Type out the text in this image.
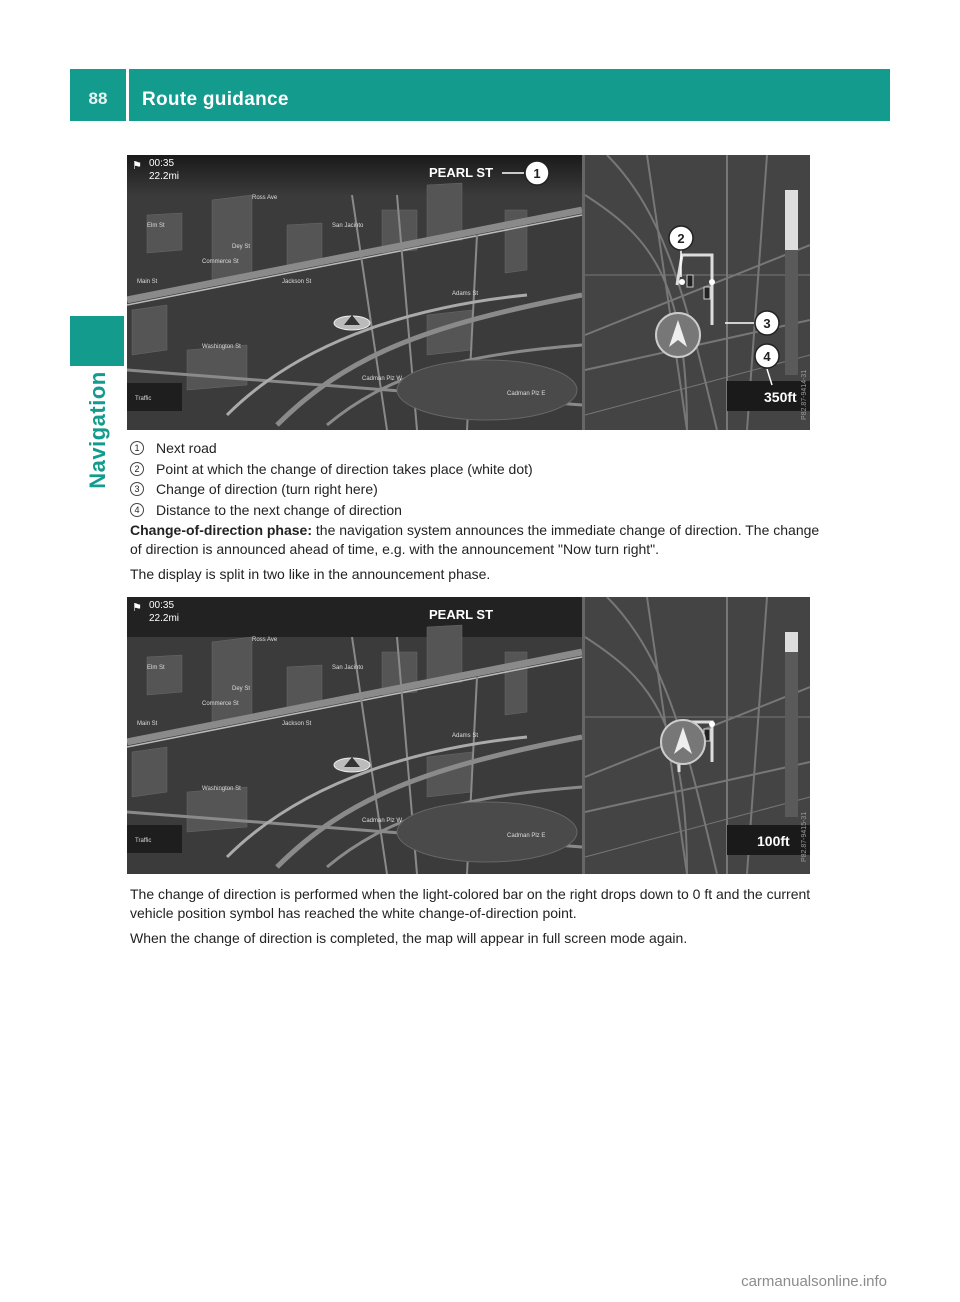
88	Route guidance
Navigation
Elm St
Ross Ave
San Jacinto
Commerce St
Main St	Jackson St
Washington St
Cadman Plz W
Dey St
Adams St
Cadman Plz E
⚑ 00:35
22.2mi	PEARL ST
Traffic	350ft P82.87-9414-31
1
2
3
4
1	Next road
2	Point at which the change of direction takes place (white dot)
3	Change of direction (turn right here)
4	Distance to the next change of direction

Change-of-direction phase: the navigation system announces the immediate change of direction. The change of direction is announced ahead of time, e.g. with the announcement "Now turn right".

The display is split in two like in the announcement phase.

Elm St
Ross Ave
San Jacinto
Commerce St
Main St	Jackson St
Washington St
Cadman Plz W
Dey St
Adams St
Cadman Plz E
⚑ 00:35
22.2mi	PEARL ST
Traffic	100ft P82.87-9415-31

The change of direction is performed when the light-colored bar on the right drops down to 0 ft and the current vehicle position symbol has reached the white change-of-direction point.

When the change of direction is completed, the map will appear in full screen mode again.

carmanualsonline.info
